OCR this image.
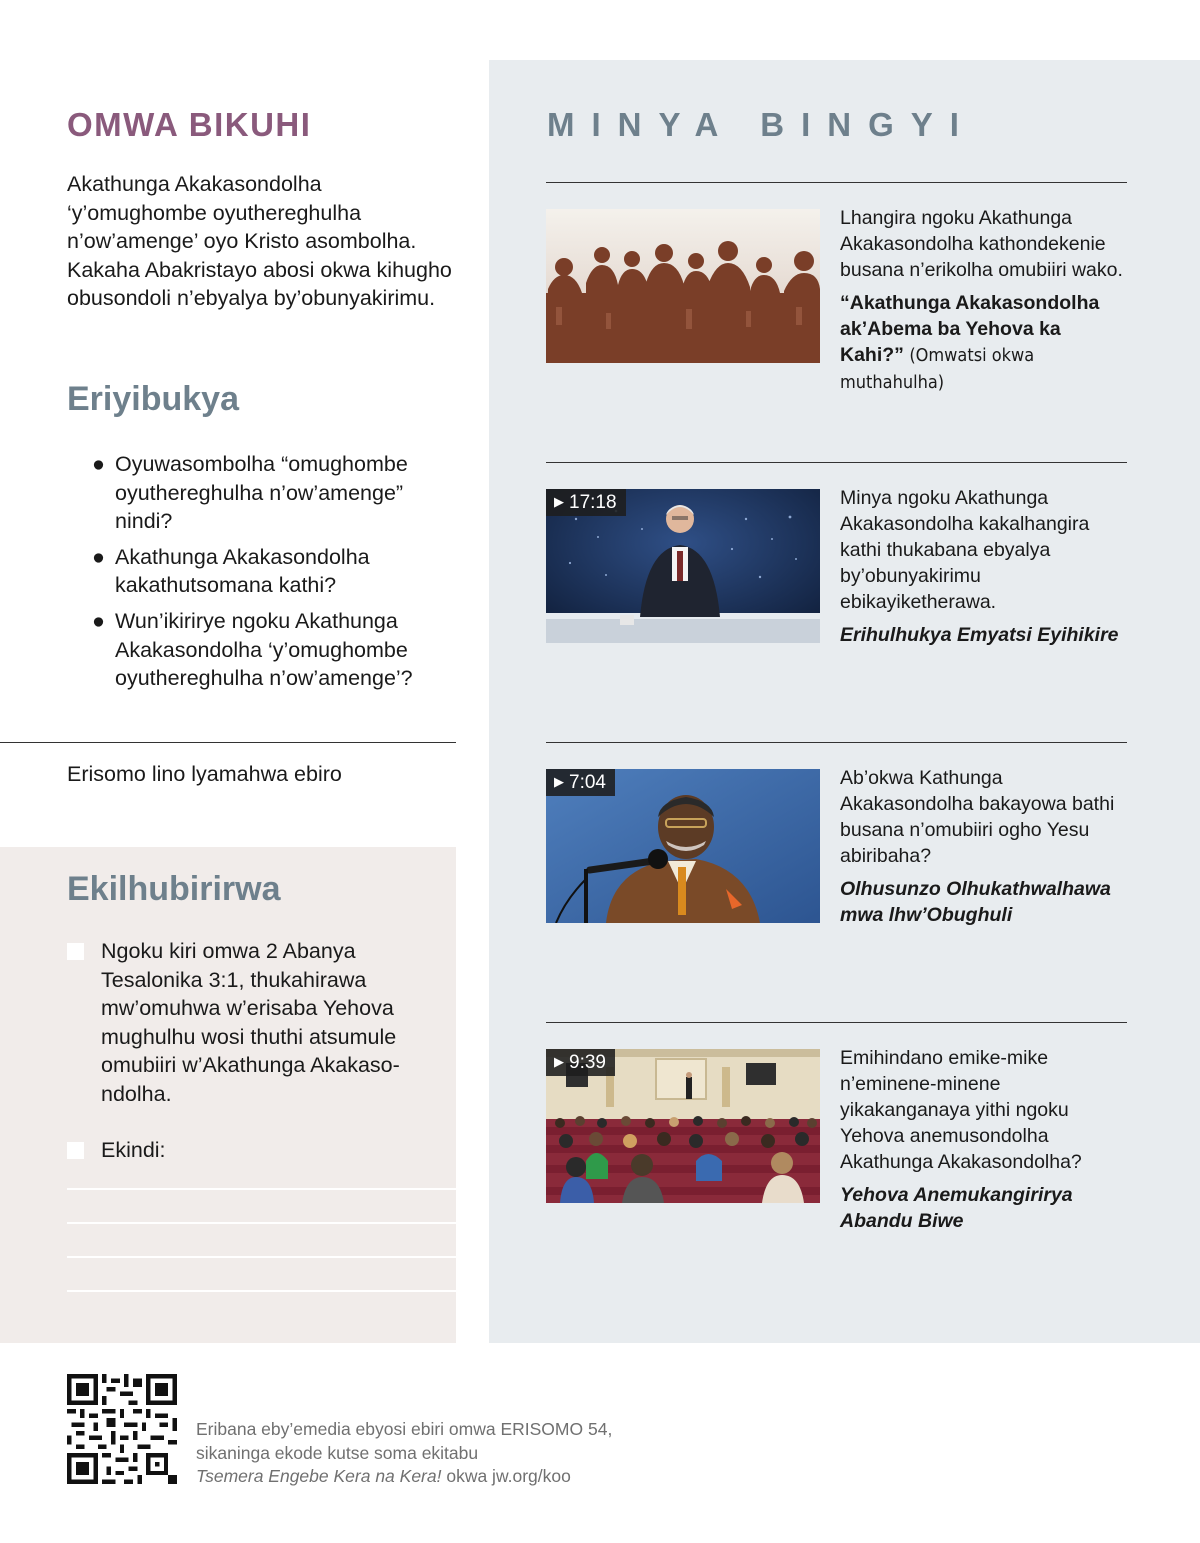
MINYA BINGYI
Lhangira ngoku Akathunga Akakasondolha kathondekenie busana n’erikolha omubiiri wako.
“Akathunga Akakasondolha ak’Abema ba Yehova ka Kahi?” (Omwatsi okwa muthahulha)
▶ 17:18	Minya ngoku Akathunga Akakasondolha kakalhangira kathi thukabana ebyalya by’obunyakirimu ebikayiketherawa.
Erihulhukya Emyatsi Eyihikire
▶ 7:04	Ab’okwa Kathunga Akakasondolha bakayowa bathi busana n’omubiiri ogho Yesu abiribaha?
Olhusunzo Olhukathwalhawa mwa lhw’Obughuli
▶ 9:39	Emihindano emike-mike n’eminene-minene yikakanganaya yithi ngoku Yehova anemusondolha Akathunga Akakasondolha?
Yehova Anemukangirirya Abandu Biwe
OMWA BIKUHI

Akathunga Akakasondolha ‘y’omughombe oyuthereghulha n’ow’amenge’ oyo Kristo asombolha. Kakaha Abakristayo abosi okwa kihugho obusondoli n’ebyalya by’obunyakirimu.

Eriyibukya
● Oyuwasombolha “omughombe oyuthereghulha n’ow’amenge” nindi?
● Akathunga Akakasondolha kakathutsomana kathi?
● Wun’ikirirye ngoku Akathunga Akakasondolha ‘y’omughombe oyuthereghulha n’ow’amenge’?
Erisomo lino lyamahwa ebiro
Ekilhubirirwa

Ngoku kiri omwa 2 Abanya Tesalonika 3:1, thukahirawa mw’omuhwa w’erisaba Yehova mughulhu wosi thuthi atsumule omubiiri w’Akathunga Akakaso-ndolha.

Ekindi:

Eribana eby’emedia ebyosi ebiri omwa ERISOMO 54,
sikaninga ekode kutse soma ekitabu
Tsemera Engebe Kera na Kera! okwa jw.org/koo
